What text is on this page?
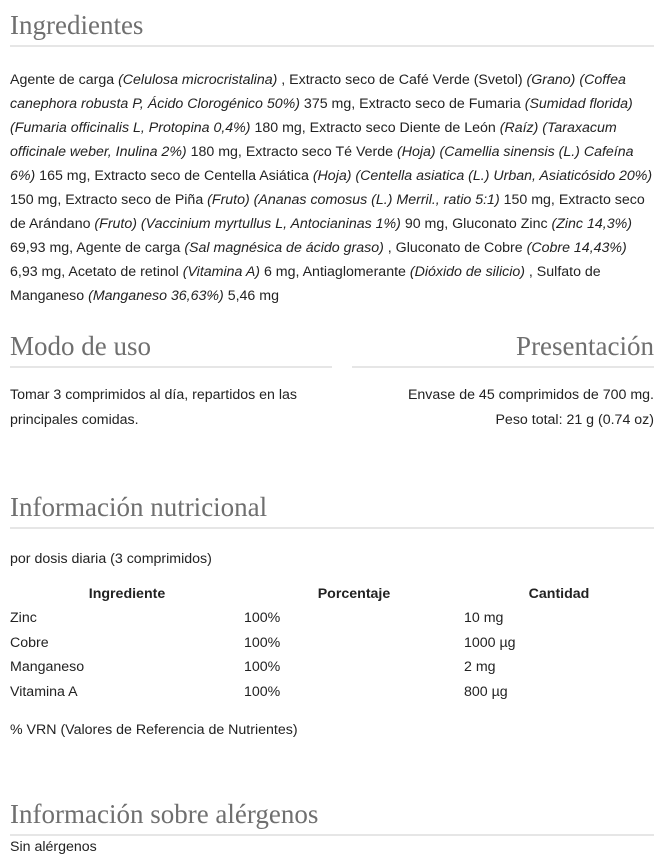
Ingredientes

Agente de carga (Celulosa microcristalina) , Extracto seco de Café Verde (Svetol) (Grano) (Coffea canephora robusta P, Ácido Clorogénico 50%) 375 mg, Extracto seco de Fumaria (Sumidad florida) (Fumaria officinalis L, Protopina 0,4%) 180 mg, Extracto seco Diente de León (Raíz) (Taraxacum officinale weber, Inulina 2%) 180 mg, Extracto seco Té Verde (Hoja) (Camellia sinensis (L.) Cafeína 6%) 165 mg, Extracto seco de Centella Asiática (Hoja) (Centella asiatica (L.) Urban, Asiaticósido 20%) 150 mg, Extracto seco de Piña (Fruto) (Ananas comosus (L.) Merril., ratio 5:1) 150 mg, Extracto seco de Arándano (Fruto) (Vaccinium myrtullus L, Antocianinas 1%) 90 mg, Gluconato Zinc (Zinc 14,3%) 69,93 mg, Agente de carga (Sal magnésica de ácido graso) , Gluconato de Cobre (Cobre 14,43%) 6,93 mg, Acetato de retinol (Vitamina A) 6 mg, Antiaglomerante (Dióxido de silicio) , Sulfato de Manganeso (Manganeso 36,63%) 5,46 mg

Modo de uso

Tomar 3 comprimidos al día, repartidos en las principales comidas.

Presentación

Envase de 45 comprimidos de 700 mg.

Peso total: 21 g (0.74 oz)

Información nutricional

por dosis diaria (3 comprimidos)

Ingrediente	Porcentaje	Cantidad
Zinc	100%	10 mg
Cobre	100%	1000 µg
Manganeso	100%	2 mg
Vitamina A	100%	800 µg

% VRN (Valores de Referencia de Nutrientes)

Información sobre alérgenos

Sin alérgenos
